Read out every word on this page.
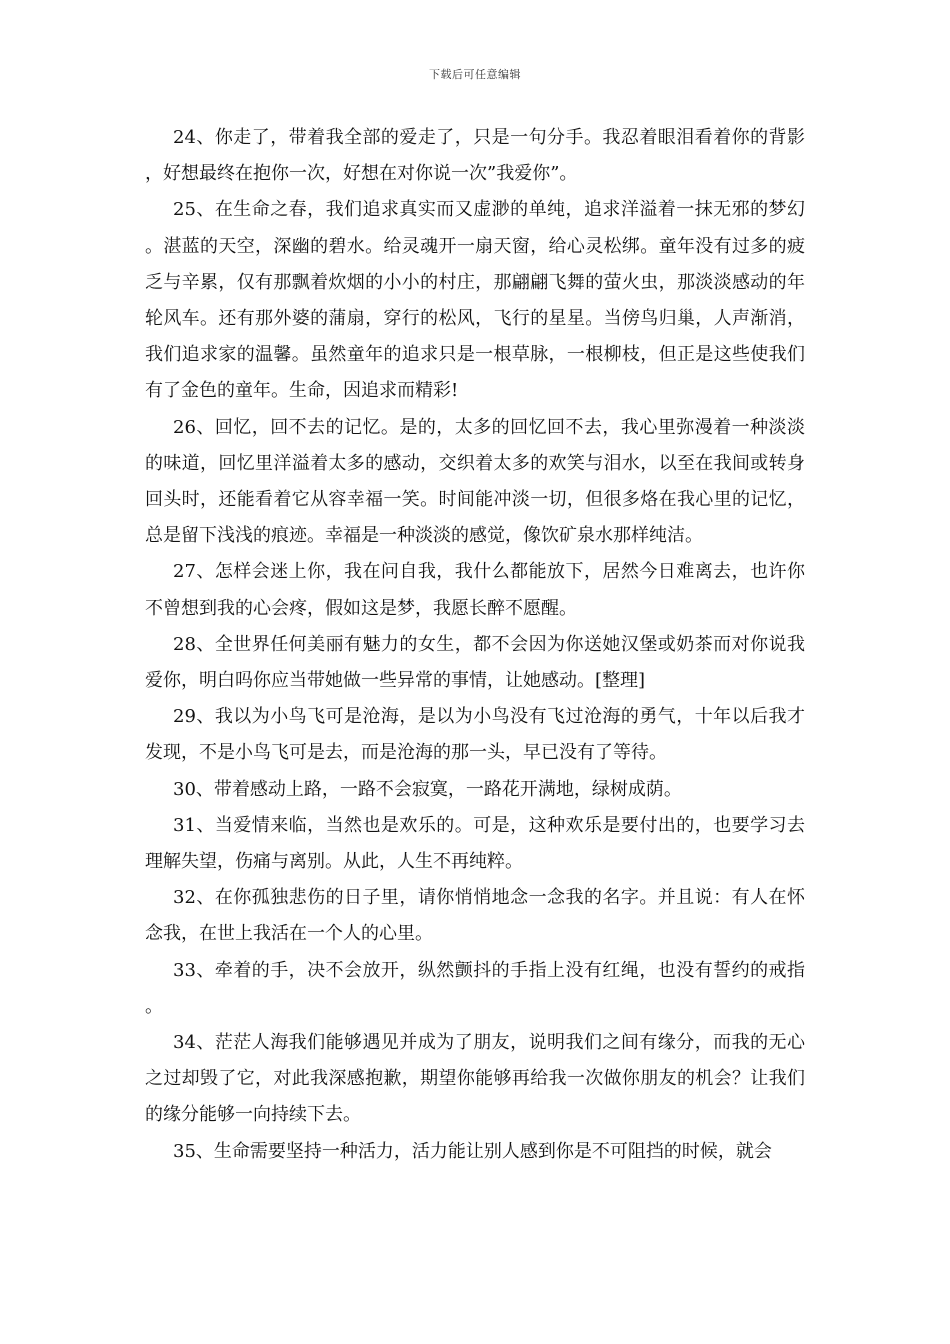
下载后可任意编辑

24、你走了，带着我全部的爱走了，只是一句分手。我忍着眼泪看着你的背影，好想最终在抱你一次，好想在对你说一次”我爱你”。

25、在生命之春，我们追求真实而又虚渺的单纯，追求洋溢着一抹无邪的梦幻。湛蓝的天空，深幽的碧水。给灵魂开一扇天窗，给心灵松绑。童年没有过多的疲乏与辛累，仅有那飘着炊烟的小小的村庄，那翩翩飞舞的萤火虫，那淡淡感动的年轮风车。还有那外婆的蒲扇，穿行的松风，飞行的星星。当傍鸟归巢，人声渐消，我们追求家的温馨。虽然童年的追求只是一根草脉，一根柳枝，但正是这些使我们有了金色的童年。生命，因追求而精彩!

26、回忆，回不去的记忆。是的，太多的回忆回不去，我心里弥漫着一种淡淡的味道，回忆里洋溢着太多的感动，交织着太多的欢笑与泪水，以至在我间或转身回头时，还能看着它从容幸福一笑。时间能冲淡一切，但很多烙在我心里的记忆，总是留下浅浅的痕迹。幸福是一种淡淡的感觉，像饮矿泉水那样纯洁。

27、怎样会迷上你，我在问自我，我什么都能放下，居然今日难离去，也许你不曾想到我的心会疼，假如这是梦，我愿长醉不愿醒。

28、全世界任何美丽有魅力的女生，都不会因为你送她汉堡或奶茶而对你说我爱你，明白吗你应当带她做一些异常的事情，让她感动。[整理]

29、我以为小鸟飞可是沧海，是以为小鸟没有飞过沧海的勇气，十年以后我才发现，不是小鸟飞可是去，而是沧海的那一头，早已没有了等待。

30、带着感动上路，一路不会寂寞，一路花开满地，绿树成荫。

31、当爱情来临，当然也是欢乐的。可是，这种欢乐是要付出的，也要学习去理解失望，伤痛与离别。从此，人生不再纯粹。

32、在你孤独悲伤的日子里，请你悄悄地念一念我的名字。并且说：有人在怀念我，在世上我活在一个人的心里。

33、牵着的手，决不会放开，纵然颤抖的手指上没有红绳，也没有誓约的戒指。

34、茫茫人海我们能够遇见并成为了朋友，说明我们之间有缘分，而我的无心之过却毁了它，对此我深感抱歉，期望你能够再给我一次做你朋友的机会？让我们的缘分能够一向持续下去。

35、生命需要坚持一种活力，活力能让别人感到你是不可阻挡的时候，就会
